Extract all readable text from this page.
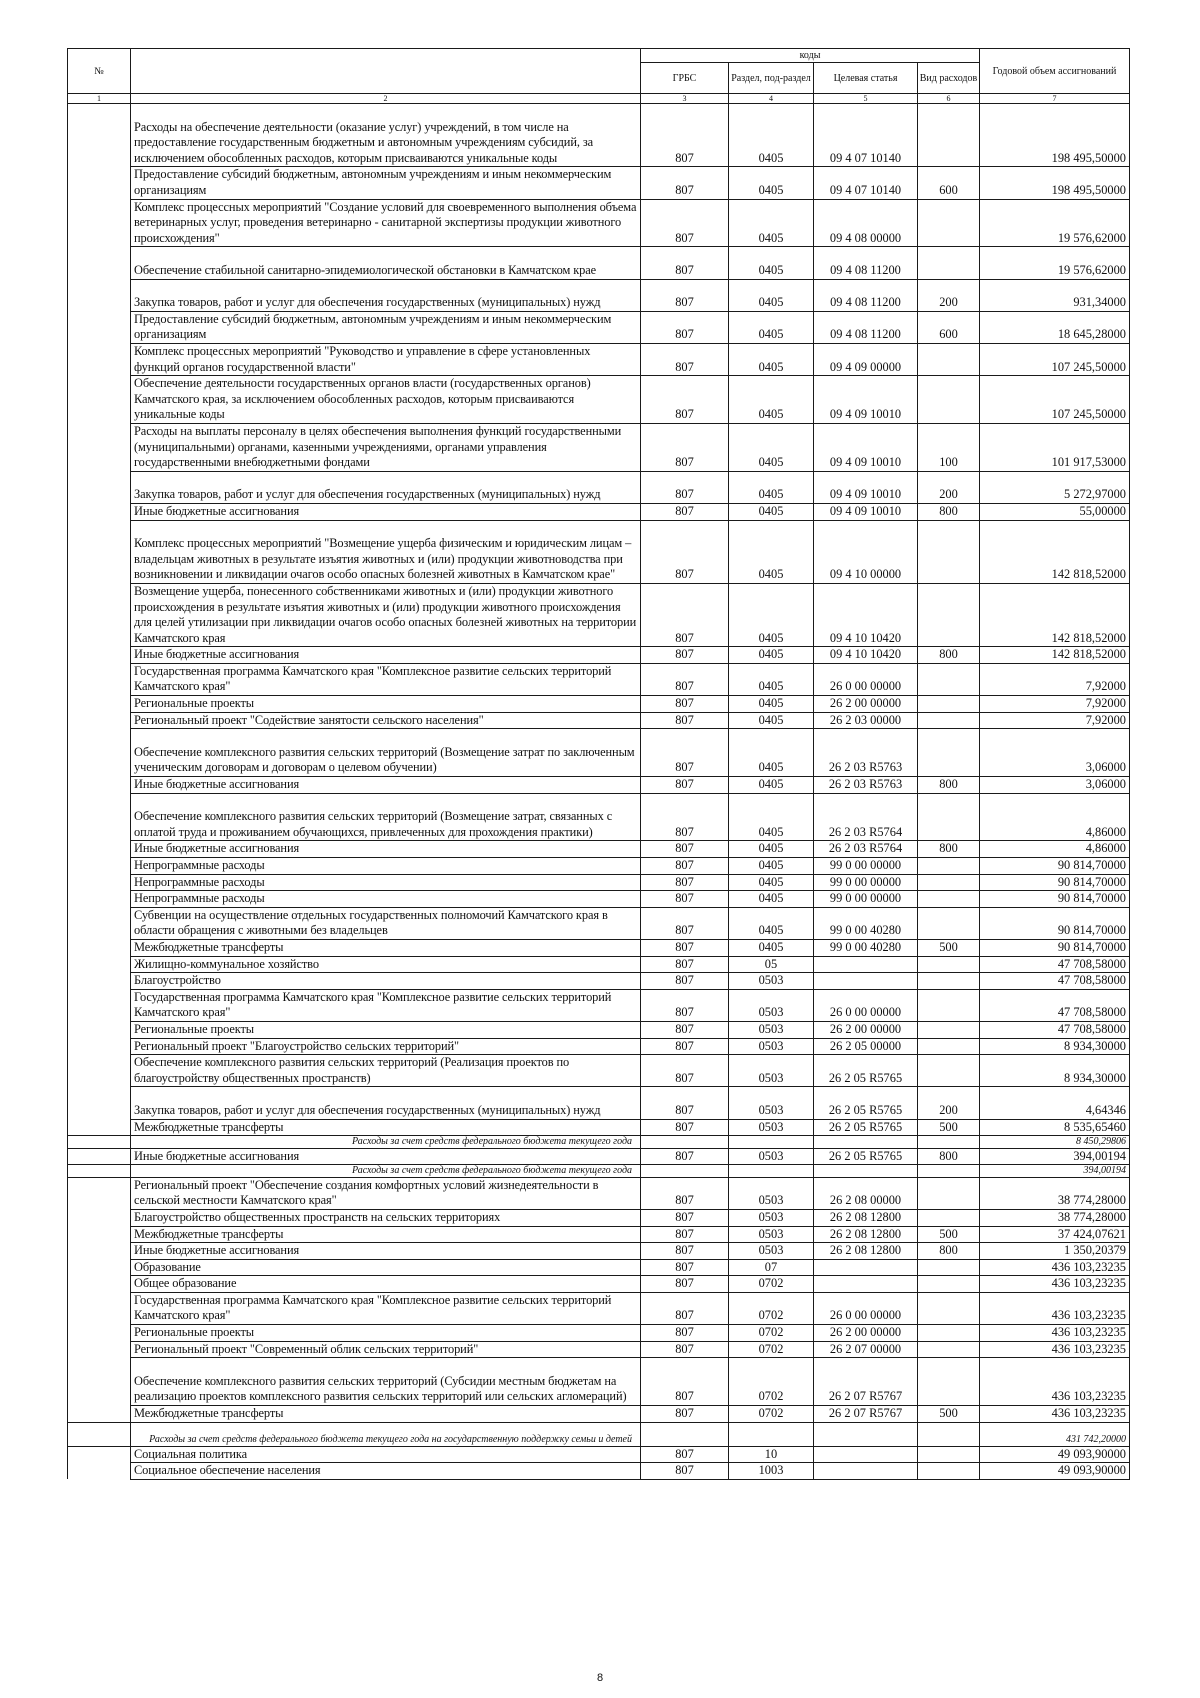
№		коды				Годовой объем ассигнований
		ГРБС	Раздел, под-раздел	Целевая статья	Вид расходов	
1	2	3	4	5	6	7
	Расходы на обеспечение деятельности (оказание услуг) учреждений, в том числе на предоставление государственным бюджетным и автономным учреждениям субсидий, за исключением обособленных расходов, которым присваиваются уникальные коды	807	0405	09 4 07 10140		198 495,50000
	Предоставление субсидий бюджетным, автономным учреждениям и иным некоммерческим организациям	807	0405	09 4 07 10140	600	198 495,50000
	Комплекс процессных мероприятий "Создание условий для своевременного выполнения объема ветеринарных услуг, проведения ветеринарно - санитарной экспертизы продукции животного происхождения"	807	0405	09 4 08 00000		19 576,62000
	Обеспечение стабильной санитарно-эпидемиологической обстановки в Камчатском крае	807	0405	09 4 08 11200		19 576,62000
	Закупка товаров, работ и услуг для обеспечения государственных (муниципальных) нужд	807	0405	09 4 08 11200	200	931,34000
	Предоставление субсидий бюджетным, автономным учреждениям и иным некоммерческим организациям	807	0405	09 4 08 11200	600	18 645,28000
	Комплекс процессных мероприятий "Руководство и управление в сфере установленных функций органов государственной власти"	807	0405	09 4 09 00000		107 245,50000
	Обеспечение деятельности государственных органов власти (государственных органов) Камчатского края, за исключением обособленных расходов, которым присваиваются уникальные коды	807	0405	09 4 09 10010		107 245,50000
	Расходы на выплаты персоналу в целях обеспечения выполнения функций государственными (муниципальными) органами, казенными учреждениями, органами управления государственными внебюджетными фондами	807	0405	09 4 09 10010	100	101 917,53000
	Закупка товаров, работ и услуг для обеспечения государственных (муниципальных) нужд	807	0405	09 4 09 10010	200	5 272,97000
	Иные бюджетные ассигнования	807	0405	09 4 09 10010	800	55,00000
	Комплекс процессных мероприятий "Возмещение ущерба физическим и юридическим лицам – владельцам животных в результате изъятия животных и (или) продукции животноводства при возникновении и ликвидации очагов особо опасных болезней животных в Камчатском крае"	807	0405	09 4 10 00000		142 818,52000
	Возмещение ущерба, понесенного собственниками животных и (или) продукции животного происхождения в результате изъятия животных и (или) продукции животного происхождения для целей утилизации при ликвидации очагов особо опасных болезней животных на территории Камчатского края	807	0405	09 4 10 10420		142 818,52000
	Иные бюджетные ассигнования	807	0405	09 4 10 10420	800	142 818,52000
	Государственная программа Камчатского края "Комплексное развитие сельских территорий Камчатского края"	807	0405	26 0 00 00000		7,92000
	Региональные проекты	807	0405	26 2 00 00000		7,92000
	Региональный проект "Содействие занятости сельского населения"	807	0405	26 2 03 00000		7,92000
	Обеспечение комплексного развития сельских территорий (Возмещение затрат по заключенным ученическим договорам и договорам о целевом обучении)	807	0405	26 2 03 R5763		3,06000
	Иные бюджетные ассигнования	807	0405	26 2 03 R5763	800	3,06000
	Обеспечение комплексного развития сельских территорий (Возмещение затрат, связанных с оплатой труда и проживанием обучающихся, привлеченных для прохождения практики)	807	0405	26 2 03 R5764		4,86000
	Иные бюджетные ассигнования	807	0405	26 2 03 R5764	800	4,86000
	Непрограммные расходы	807	0405	99 0 00 00000		90 814,70000
	Непрограммные расходы	807	0405	99 0 00 00000		90 814,70000
	Непрограммные расходы	807	0405	99 0 00 00000		90 814,70000
	Субвенции на осуществление отдельных государственных полномочий Камчатского края в области обращения с животными без владельцев	807	0405	99 0 00 40280		90 814,70000
	Межбюджетные трансферты	807	0405	99 0 00 40280	500	90 814,70000
	Жилищно-коммунальное хозяйство	807	05			47 708,58000
	Благоустройство	807	0503			47 708,58000
	Государственная программа Камчатского края "Комплексное развитие сельских территорий Камчатского края"	807	0503	26 0 00 00000		47 708,58000
	Региональные проекты	807	0503	26 2 00 00000		47 708,58000
	Региональный проект "Благоустройство сельских территорий"	807	0503	26 2 05 00000		8 934,30000
	Обеспечение комплексного развития сельских территорий (Реализация проектов по благоустройству общественных пространств)	807	0503	26 2 05 R5765		8 934,30000
	Закупка товаров, работ и услуг для обеспечения государственных (муниципальных) нужд	807	0503	26 2 05 R5765	200	4,64346
	Межбюджетные трансферты	807	0503	26 2 05 R5765	500	8 535,65460
	Расходы за счет средств федерального бюджета текущего года					8 450,29806
	Иные бюджетные ассигнования	807	0503	26 2 05 R5765	800	394,00194
	Расходы за счет средств федерального бюджета текущего года					394,00194
	Региональный проект "Обеспечение создания комфортных условий жизнедеятельности в сельской местности Камчатского края"	807	0503	26 2 08 00000		38 774,28000
	Благоустройство общественных пространств на сельских территориях	807	0503	26 2 08 12800		38 774,28000
	Межбюджетные трансферты	807	0503	26 2 08 12800	500	37 424,07621
	Иные бюджетные ассигнования	807	0503	26 2 08 12800	800	1 350,20379
	Образование	807	07			436 103,23235
	Общее образование	807	0702			436 103,23235
	Государственная программа Камчатского края "Комплексное развитие сельских территорий Камчатского края"	807	0702	26 0 00 00000		436 103,23235
	Региональные проекты	807	0702	26 2 00 00000		436 103,23235
	Региональный проект "Современный облик сельских территорий"	807	0702	26 2 07 00000		436 103,23235
	Обеспечение комплексного развития сельских территорий (Субсидии местным бюджетам на реализацию проектов комплексного развития сельских территорий или сельских агломераций)	807	0702	26 2 07 R5767		436 103,23235
	Межбюджетные трансферты	807	0702	26 2 07 R5767	500	436 103,23235
	Расходы за счет средств федерального бюджета текущего года на государственную поддержку семьи и детей					431 742,20000
	Социальная политика	807	10			49 093,90000
	Социальное обеспечение населения	807	1003			49 093,90000
8
